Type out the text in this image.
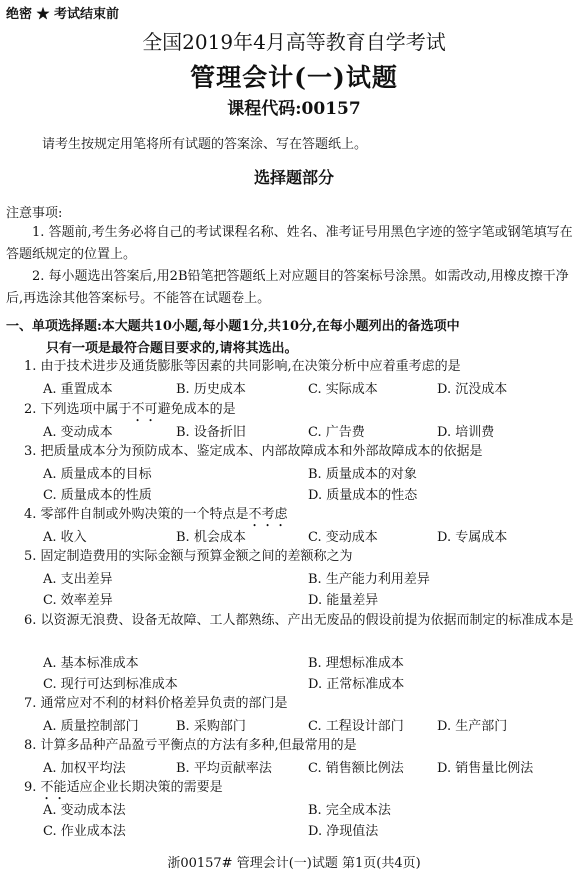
绝密 ★ 考试结束前
全国2019年4月高等教育自学考试
管理会计(一)试题
课程代码:00157
请考生按规定用笔将所有试题的答案涂、写在答题纸上。
选择题部分
注意事项:
1. 答题前,考生务必将自己的考试课程名称、姓名、准考证号用黑色字迹的签字笔或钢笔填写在答题纸规定的位置上。
2. 每小题选出答案后,用2B铅笔把答题纸上对应题目的答案标号涂黑。如需改动,用橡皮擦干净后,再选涂其他答案标号。不能答在试题卷上。
一、单项选择题:本大题共10小题,每小题1分,共10分,在每小题列出的备选项中
只有一项是最符合题目要求的,请将其选出。
1. 由于技术进步及通货膨胀等因素的共同影响,在决策分析中应着重考虑的是
A. 重置成本	B. 历史成本	C. 实际成本	D. 沉没成本
2. 下列选项中属于不可避免成本的是
A. 变动成本	B. 设备折旧	C. 广告费	D. 培训费
3. 把质量成本分为预防成本、鉴定成本、内部故障成本和外部故障成本的依据是
A. 质量成本的目标	B. 质量成本的对象
C. 质量成本的性质	D. 质量成本的性态
4. 零部件自制或外购决策的一个特点是不考虑
A. 收入	B. 机会成本	C. 变动成本	D. 专属成本
5. 固定制造费用的实际金额与预算金额之间的差额称之为
A. 支出差异	B. 生产能力利用差异
C. 效率差异	D. 能量差异
6. 以资源无浪费、设备无故障、工人都熟练、产出无废品的假设前提为依据而制定的标准成本是
A. 基本标准成本	B. 理想标准成本
C. 现行可达到标准成本	D. 正常标准成本
7. 通常应对不利的材料价格差异负责的部门是
A. 质量控制部门	B. 采购部门	C. 工程设计部门	D. 生产部门
8. 计算多品种产品盈亏平衡点的方法有多种,但最常用的是
A. 加权平均法	B. 平均贡献率法	C. 销售额比例法	D. 销售量比例法
9. 不能适应企业长期决策的需要是
A. 变动成本法	B. 完全成本法
C. 作业成本法	D. 净现值法
浙00157# 管理会计(一)试题 第1页(共4页)
